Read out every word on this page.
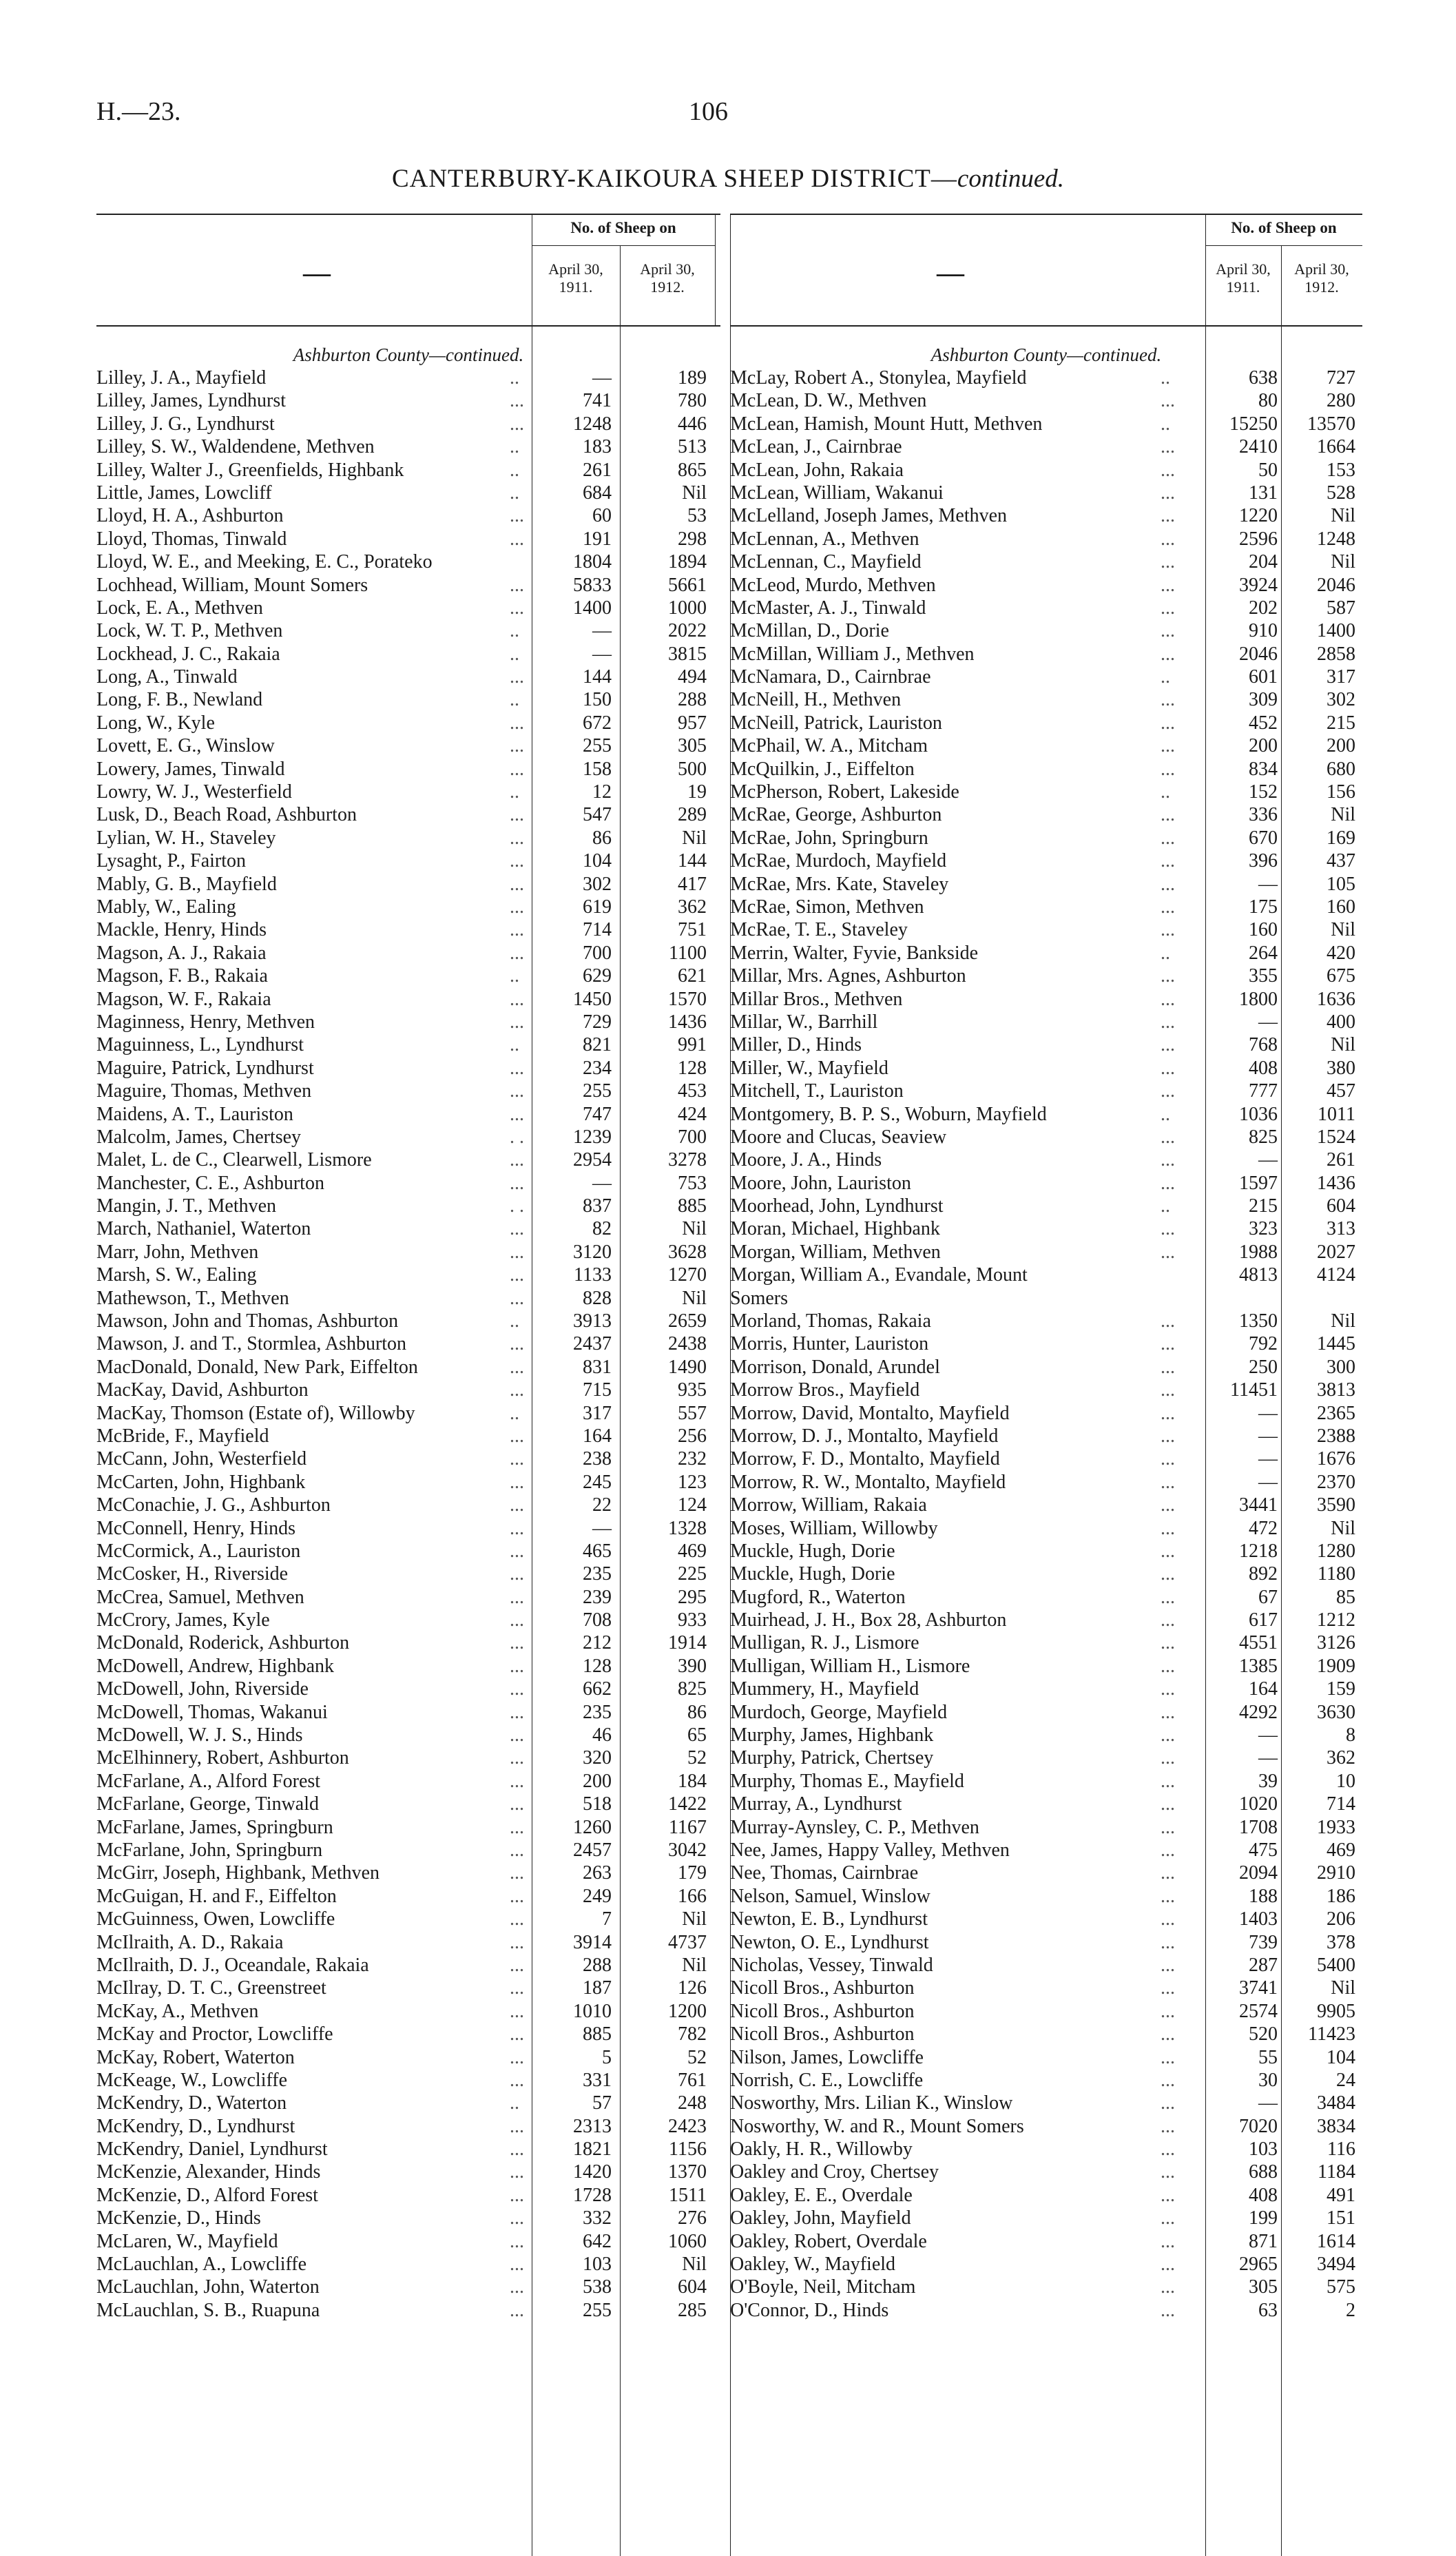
H.—23.	106
CANTERBURY-KAIKOURA SHEEP DISTRICT—continued.
—
No. of Sheep on
April 30,
1911.
April 30,
1912.
Ashburton County—continued.
Lilley, J. A., Mayfield	..	—	189
Lilley, James, Lyndhurst	...	741	780
Lilley, J. G., Lyndhurst	...	1248	446
Lilley, S. W., Waldendene, Methven	..	183	513
Lilley, Walter J., Greenfields, Highbank	..	261	865
Little, James, Lowcliff	..	684	Nil
Lloyd, H. A., Ashburton	...	60	53
Lloyd, Thomas, Tinwald	...	191	298
Lloyd, W. E., and Meeking, E. C., Porateko	1804	1894
Lochhead, William, Mount Somers	...	5833	5661
Lock, E. A., Methven	...	1400	1000
Lock, W. T. P., Methven	..	—	2022
Lockhead, J. C., Rakaia	..	—	3815
Long, A., Tinwald	...	144	494
Long, F. B., Newland	..	150	288
Long, W., Kyle	...	672	957
Lovett, E. G., Winslow	...	255	305
Lowery, James, Tinwald	...	158	500
Lowry, W. J., Westerfield	..	12	19
Lusk, D., Beach Road, Ashburton	...	547	289
Lylian, W. H., Staveley	...	86	Nil
Lysaght, P., Fairton	...	104	144
Mably, G. B., Mayfield	...	302	417
Mably, W., Ealing	...	619	362
Mackle, Henry, Hinds	...	714	751
Magson, A. J., Rakaia	...	700	1100
Magson, F. B., Rakaia	..	629	621
Magson, W. F., Rakaia	...	1450	1570
Maginness, Henry, Methven	...	729	1436
Maguinness, L., Lyndhurst	..	821	991
Maguire, Patrick, Lyndhurst	...	234	128
Maguire, Thomas, Methven	...	255	453
Maidens, A. T., Lauriston	...	747	424
Malcolm, James, Chertsey	. .	1239	700
Malet, L. de C., Clearwell, Lismore	...	2954	3278
Manchester, C. E., Ashburton	...	—	753
Mangin, J. T., Methven	. .	837	885
March, Nathaniel, Waterton	...	82	Nil
Marr, John, Methven	...	3120	3628
Marsh, S. W., Ealing	...	1133	1270
Mathewson, T., Methven	...	828	Nil
Mawson, John and Thomas, Ashburton	..	3913	2659
Mawson, J. and T., Stormlea, Ashburton	...	2437	2438
MacDonald, Donald, New Park, Eiffelton	...	831	1490
MacKay, David, Ashburton	...	715	935
MacKay, Thomson (Estate of), Willowby	..	317	557
McBride, F., Mayfield	...	164	256
McCann, John, Westerfield	...	238	232
McCarten, John, Highbank	...	245	123
McConachie, J. G., Ashburton	...	22	124
McConnell, Henry, Hinds	...	—	1328
McCormick, A., Lauriston	...	465	469
McCosker, H., Riverside	...	235	225
McCrea, Samuel, Methven	...	239	295
McCrory, James, Kyle	...	708	933
McDonald, Roderick, Ashburton	...	212	1914
McDowell, Andrew, Highbank	...	128	390
McDowell, John, Riverside	...	662	825
McDowell, Thomas, Wakanui	...	235	86
McDowell, W. J. S., Hinds	...	46	65
McElhinnery, Robert, Ashburton	...	320	52
McFarlane, A., Alford Forest	...	200	184
McFarlane, George, Tinwald	...	518	1422
McFarlane, James, Springburn	...	1260	1167
McFarlane, John, Springburn	...	2457	3042
McGirr, Joseph, Highbank, Methven	...	263	179
McGuigan, H. and F., Eiffelton	...	249	166
McGuinness, Owen, Lowcliffe	...	7	Nil
McIlraith, A. D., Rakaia	...	3914	4737
McIlraith, D. J., Oceandale, Rakaia	...	288	Nil
McIlray, D. T. C., Greenstreet	...	187	126
McKay, A., Methven	...	1010	1200
McKay and Proctor, Lowcliffe	...	885	782
McKay, Robert, Waterton	...	5	52
McKeage, W., Lowcliffe	...	331	761
McKendry, D., Waterton	..	57	248
McKendry, D., Lyndhurst	...	2313	2423
McKendry, Daniel, Lyndhurst	...	1821	1156
McKenzie, Alexander, Hinds	...	1420	1370
McKenzie, D., Alford Forest	...	1728	1511
McKenzie, D., Hinds	...	332	276
McLaren, W., Mayfield	...	642	1060
McLauchlan, A., Lowcliffe	...	103	Nil
McLauchlan, John, Waterton	...	538	604
McLauchlan, S. B., Ruapuna	...	255	285
—
No. of Sheep on
April 30,
1911.
April 30,
1912.
Ashburton County—continued.
McLay, Robert A., Stonylea, Mayfield	..	638	727
McLean, D. W., Methven	...	80	280
McLean, Hamish, Mount Hutt, Methven	..	15250	13570
McLean, J., Cairnbrae	...	2410	1664
McLean, John, Rakaia	...	50	153
McLean, William, Wakanui	...	131	528
McLelland, Joseph James, Methven	...	1220	Nil
McLennan, A., Methven	...	2596	1248
McLennan, C., Mayfield	...	204	Nil
McLeod, Murdo, Methven	...	3924	2046
McMaster, A. J., Tinwald	...	202	587
McMillan, D., Dorie	...	910	1400
McMillan, William J., Methven	...	2046	2858
McNamara, D., Cairnbrae	..	601	317
McNeill, H., Methven	...	309	302
McNeill, Patrick, Lauriston	...	452	215
McPhail, W. A., Mitcham	...	200	200
McQuilkin, J., Eiffelton	...	834	680
McPherson, Robert, Lakeside	..	152	156
McRae, George, Ashburton	...	336	Nil
McRae, John, Springburn	...	670	169
McRae, Murdoch, Mayfield	...	396	437
McRae, Mrs. Kate, Staveley	...	—	105
McRae, Simon, Methven	...	175	160
McRae, T. E., Staveley	...	160	Nil
Merrin, Walter, Fyvie, Bankside	..	264	420
Millar, Mrs. Agnes, Ashburton	...	355	675
Millar Bros., Methven	...	1800	1636
Millar, W., Barrhill	...	—	400
Miller, D., Hinds	...	768	Nil
Miller, W., Mayfield	...	408	380
Mitchell, T., Lauriston	...	777	457
Montgomery, B. P. S., Woburn, Mayfield	..	1036	1011
Moore and Clucas, Seaview	...	825	1524
Moore, J. A., Hinds	...	—	261
Moore, John, Lauriston	...	1597	1436
Moorhead, John, Lyndhurst	..	215	604
Moran, Michael, Highbank	...	323	313
Morgan, William, Methven	...	1988	2027
Morgan, William A., Evandale, Mount	4813	4124
Somers
Morland, Thomas, Rakaia	...	1350	Nil
Morris, Hunter, Lauriston	...	792	1445
Morrison, Donald, Arundel	...	250	300
Morrow Bros., Mayfield	...	11451	3813
Morrow, David, Montalto, Mayfield	...	—	2365
Morrow, D. J., Montalto, Mayfield	...	—	2388
Morrow, F. D., Montalto, Mayfield	...	—	1676
Morrow, R. W., Montalto, Mayfield	...	—	2370
Morrow, William, Rakaia	...	3441	3590
Moses, William, Willowby	...	472	Nil
Muckle, Hugh, Dorie	...	1218	1280
Muckle, Hugh, Dorie	...	892	1180
Mugford, R., Waterton	...	67	85
Muirhead, J. H., Box 28, Ashburton	...	617	1212
Mulligan, R. J., Lismore	...	4551	3126
Mulligan, William H., Lismore	...	1385	1909
Mummery, H., Mayfield	...	164	159
Murdoch, George, Mayfield	...	4292	3630
Murphy, James, Highbank	...	—	8
Murphy, Patrick, Chertsey	...	—	362
Murphy, Thomas E., Mayfield	...	39	10
Murray, A., Lyndhurst	...	1020	714
Murray-Aynsley, C. P., Methven	...	1708	1933
Nee, James, Happy Valley, Methven	...	475	469
Nee, Thomas, Cairnbrae	...	2094	2910
Nelson, Samuel, Winslow	...	188	186
Newton, E. B., Lyndhurst	...	1403	206
Newton, O. E., Lyndhurst	...	739	378
Nicholas, Vessey, Tinwald	...	287	5400
Nicoll Bros., Ashburton	...	3741	Nil
Nicoll Bros., Ashburton	...	2574	9905
Nicoll Bros., Ashburton	...	520	11423
Nilson, James, Lowcliffe	...	55	104
Norrish, C. E., Lowcliffe	...	30	24
Nosworthy, Mrs. Lilian K., Winslow	...	—	3484
Nosworthy, W. and R., Mount Somers	...	7020	3834
Oakly, H. R., Willowby	...	103	116
Oakley and Croy, Chertsey	...	688	1184
Oakley, E. E., Overdale	...	408	491
Oakley, John, Mayfield	...	199	151
Oakley, Robert, Overdale	...	871	1614
Oakley, W., Mayfield	...	2965	3494
O'Boyle, Neil, Mitcham	...	305	575
O'Connor, D., Hinds	...	63	2
